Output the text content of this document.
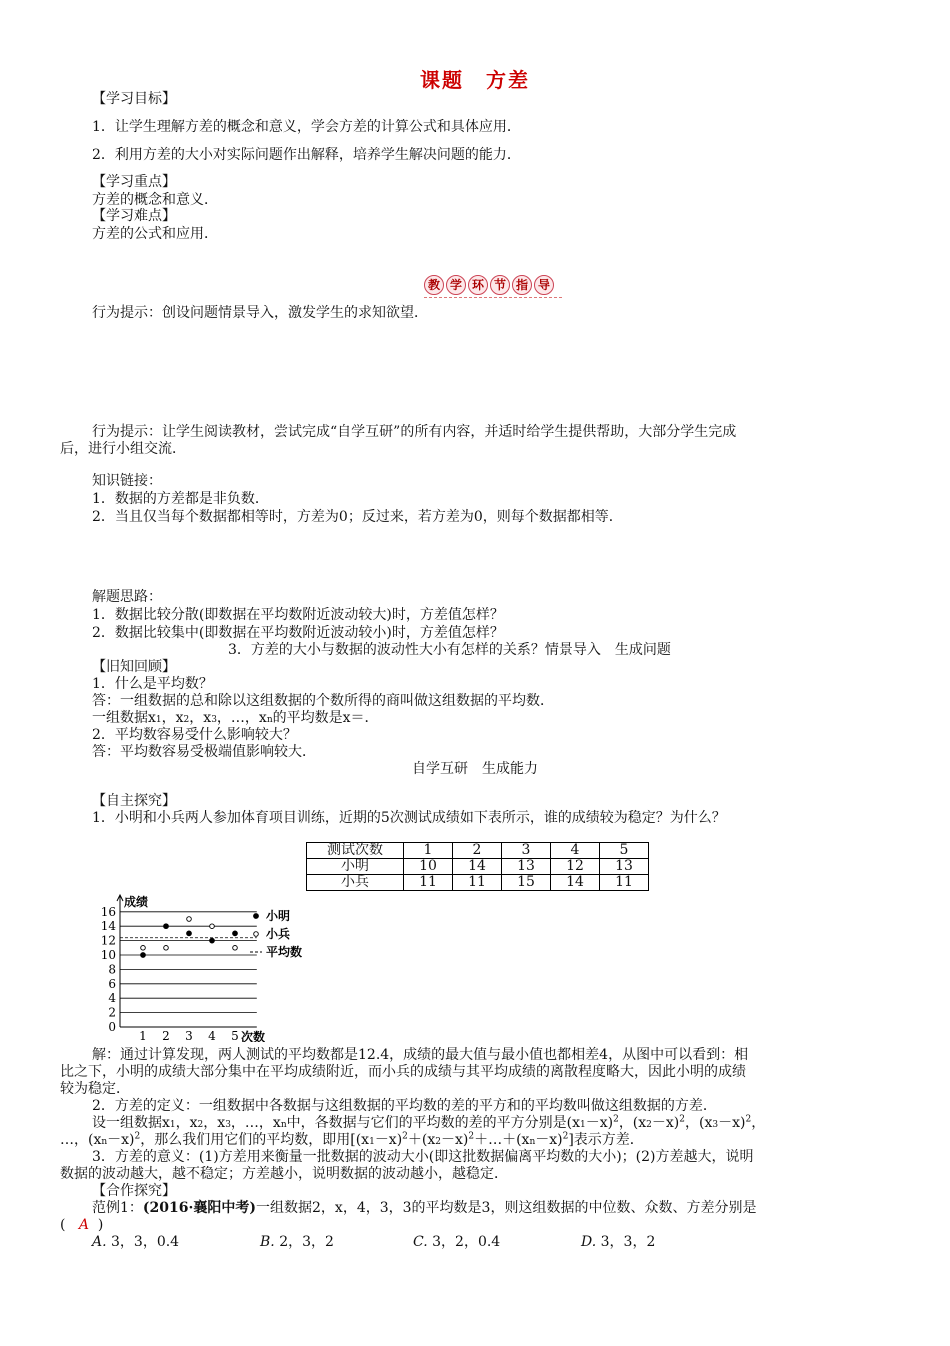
课题　方差
【学习目标】
1．让学生理解方差的概念和意义，学会方差的计算公式和具体应用．
2．利用方差的大小对实际问题作出解释，培养学生解决问题的能力．
【学习重点】
方差的概念和意义．
【学习难点】
方差的公式和应用．
教 学 环 节 指 导
行为提示：创设问题情景导入，激发学生的求知欲望．
行为提示：让学生阅读教材，尝试完成“自学互研”的所有内容，并适时给学生提供帮助，大部分学生完成
后，进行小组交流．
知识链接：
1．数据的方差都是非负数．
2．当且仅当每个数据都相等时，方差为0；反过来，若方差为0，则每个数据都相等．
解题思路：
1．数据比较分散(即数据在平均数附近波动较大)时，方差值怎样？
2．数据比较集中(即数据在平均数附近波动较小)时，方差值怎样？
3．方差的大小与数据的波动性大小有怎样的关系？情景导入　生成问题
【旧知回顾】
1．什么是平均数？
答：一组数据的总和除以这组数据的个数所得的商叫做这组数据的平均数．
一组数据x1，x2，x3，…，xn的平均数是x＝．
2．平均数容易受什么影响较大？
答：平均数容易受极端值影响较大．
自学互研　生成能力
【自主探究】
1．小明和小兵两人参加体育项目训练，近期的5次测试成绩如下表所示，谁的成绩较为稳定？为什么？
测试次数	1	2	3	4	5
小明	10	14	13	12	13
小兵	11	11	15	14	11
0
2
4
6
8
10
12
14
16
1 2 3 4 5
成绩
次数
小明
小兵
平均数
解：通过计算发现，两人测试的平均数都是12.4，成绩的最大值与最小值也都相差4，从图中可以看到：相
比之下，小明的成绩大部分集中在平均成绩附近，而小兵的成绩与其平均成绩的离散程度略大，因此小明的成绩
较为稳定．
2．方差的定义：一组数据中各数据与这组数据的平均数的差的平方和的平均数叫做这组数据的方差．
设一组数据x1，x2，x3，…，xn中，各数据与它们的平均数的差的平方分别是$(x1-x)^2$，$(x2-x)^2$，$(x3-x)^2$，
…，$(xn-x)^2$，那么我们用它们的平均数，即用$[(x1-x)^2+(x2-x)^2+\dots+(xn-x)^2]$表示方差．
3．方差的意义：(1)方差用来衡量一批数据的波动大小(即这批数据偏离平均数的大小)；(2)方差越大，说明
数据的波动越大，越不稳定；方差越小，说明数据的波动越小，越稳定．
【合作探究】
范例1：(2016·襄阳中考)一组数据2，x，4，3，3的平均数是3，则这组数据的中位数、众数、方差分别是
( A )
A. 3，3，0.4	B. 2，3，2	C. 3，2，0.4	D. 3，3，2
